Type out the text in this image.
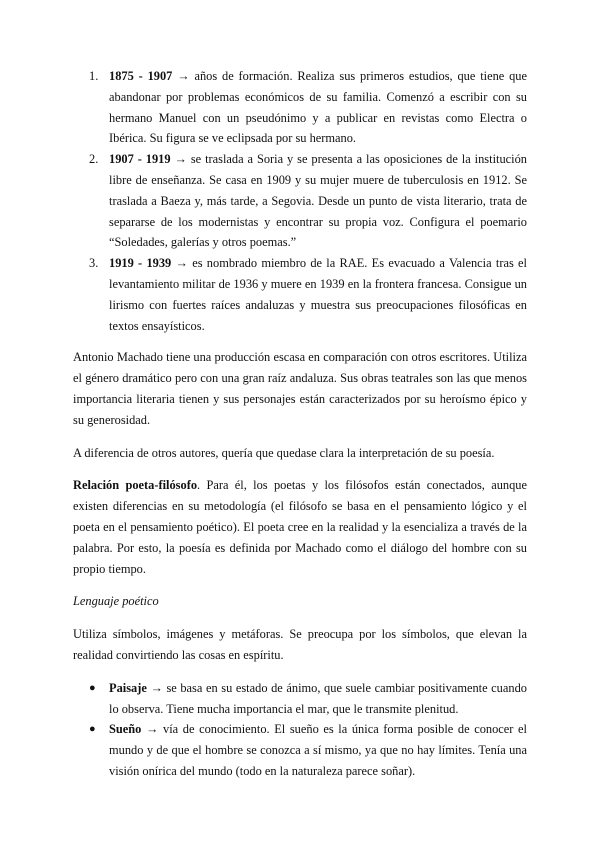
1. 1875 - 1907 → años de formación. Realiza sus primeros estudios, que tiene que abandonar por problemas económicos de su familia. Comenzó a escribir con su hermano Manuel con un pseudónimo y a publicar en revistas como Electra o Ibérica. Su figura se ve eclipsada por su hermano.
2. 1907 - 1919 → se traslada a Soria y se presenta a las oposiciones de la institución libre de enseñanza. Se casa en 1909 y su mujer muere de tuberculosis en 1912. Se traslada a Baeza y, más tarde, a Segovia. Desde un punto de vista literario, trata de separarse de los modernistas y encontrar su propia voz. Configura el poemario “Soledades, galerías y otros poemas.”
3. 1919 - 1939 → es nombrado miembro de la RAE. Es evacuado a Valencia tras el levantamiento militar de 1936 y muere en 1939 en la frontera francesa. Consigue un lirismo con fuertes raíces andaluzas y muestra sus preocupaciones filosóficas en textos ensayísticos.
Antonio Machado tiene una producción escasa en comparación con otros escritores. Utiliza el género dramático pero con una gran raíz andaluza. Sus obras teatrales son las que menos importancia literaria tienen y sus personajes están caracterizados por su heroísmo épico y su generosidad.
A diferencia de otros autores, quería que quedase clara la interpretación de su poesía.
Relación poeta-filósofo. Para él, los poetas y los filósofos están conectados, aunque existen diferencias en su metodología (el filósofo se basa en el pensamiento lógico y el poeta en el pensamiento poético). El poeta cree en la realidad y la esencializa a través de la palabra. Por esto, la poesía es definida por Machado como el diálogo del hombre con su propio tiempo.
Lenguaje poético
Utiliza símbolos, imágenes y metáforas. Se preocupa por los símbolos, que elevan la realidad convirtiendo las cosas en espíritu.
● Paisaje → se basa en su estado de ánimo, que suele cambiar positivamente cuando lo observa. Tiene mucha importancia el mar, que le transmite plenitud.
● Sueño → vía de conocimiento. El sueño es la única forma posible de conocer el mundo y de que el hombre se conozca a sí mismo, ya que no hay límites. Tenía una visión onírica del mundo (todo en la naturaleza parece soñar).
